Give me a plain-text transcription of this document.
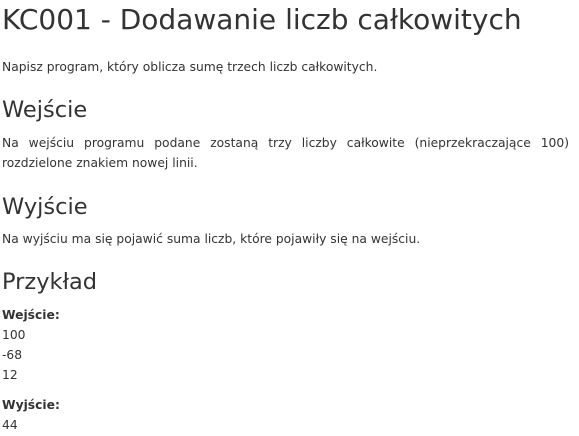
KC001 - Dodawanie liczb całkowitych

Napisz program, który oblicza sumę trzech liczb całkowitych.

Wejście

Na wejściu programu podane zostaną trzy liczby całkowite (nieprzekraczające 100) rozdzielone znakiem nowej linii.

Wyjście

Na wyjściu ma się pojawić suma liczb, które pojawiły się na wejściu.

Przykład
Wejście:
100
-68
12
Wyjście:
44
